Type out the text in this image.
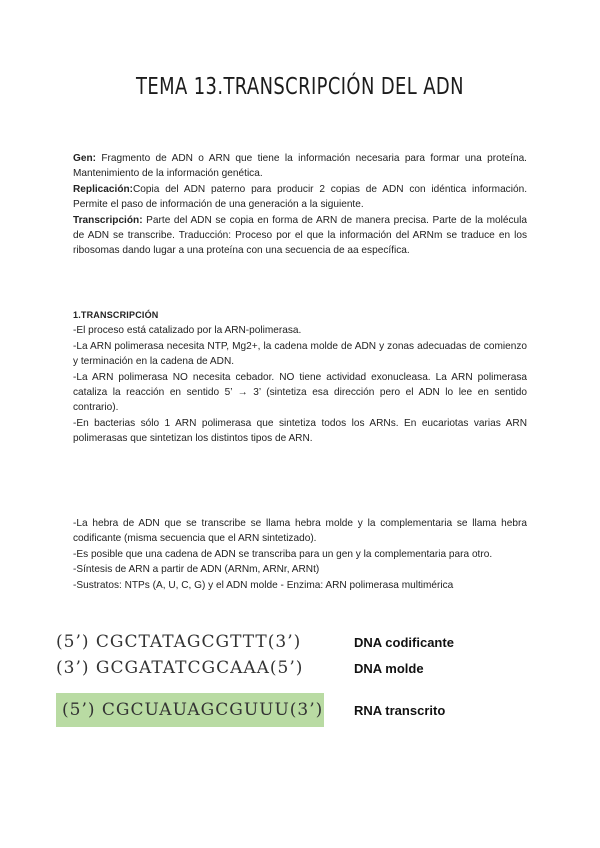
TEMA 13.TRANSCRIPCIÓN DEL ADN

Gen: Fragmento de ADN o ARN que tiene la información necesaria para formar una proteína. Mantenimiento de la información genética.

Replicación:Copia del ADN paterno para producir 2 copias de ADN con idéntica información. Permite el paso de información de una generación a la siguiente.

Transcripción: Parte del ADN se copia en forma de ARN de manera precisa. Parte de la molécula de ADN se transcribe. Traducción: Proceso por el que la información del ARNm se traduce en los ribosomas dando lugar a una proteína con una secuencia de aa específica.

1.TRANSCRIPCIÓN

-El proceso está catalizado por la ARN-polimerasa.

-La ARN polimerasa necesita NTP, Mg2+, la cadena molde de ADN y zonas adecuadas de comienzo y terminación en la cadena de ADN.

-La ARN polimerasa NO necesita cebador. NO tiene actividad exonucleasa. La ARN polimerasa cataliza la reacción en sentido 5’ → 3’ (sintetiza esa dirección pero el ADN lo lee en sentido contrario).

-En bacterias sólo 1 ARN polimerasa que sintetiza todos los ARNs. En eucariotas varias ARN polimerasas que sintetizan los distintos tipos de ARN.

-La hebra de ADN que se transcribe se llama hebra molde y la complementaria se llama hebra codificante (misma secuencia que el ARN sintetizado).

-Es posible que una cadena de ADN se transcriba para un gen y la complementaria para otro.

-Síntesis de ARN a partir de ADN (ARNm, ARNr, ARNt)

-Sustratos: NTPs (A, U, C, G) y el ADN molde - Enzima: ARN polimerasa multimérica

(5’) CGCTATAGCGTTT(3’)	DNA codificante
(3’) GCGATATCGCAAA(5’)	DNA molde
(5’) CGCUAUAGCGUUU(3’) RNA transcrito
